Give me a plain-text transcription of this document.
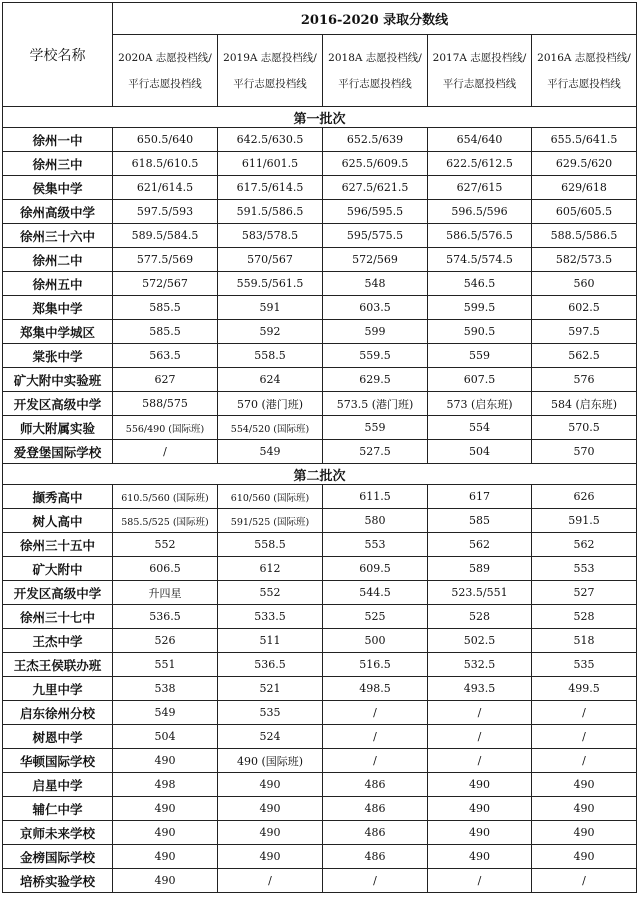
学校名称	2016-2020 录取分数线				
	2020A 志愿投档线/平行志愿投档线	2019A 志愿投档线/平行志愿投档线	2018A 志愿投档线/平行志愿投档线	2017A 志愿投档线/平行志愿投档线	2016A 志愿投档线/平行志愿投档线
第一批次					
徐州一中	650.5/640	642.5/630.5	652.5/639	654/640	655.5/641.5
徐州三中	618.5/610.5	611/601.5	625.5/609.5	622.5/612.5	629.5/620
侯集中学	621/614.5	617.5/614.5	627.5/621.5	627/615	629/618
徐州高级中学	597.5/593	591.5/586.5	596/595.5	596.5/596	605/605.5
徐州三十六中	589.5/584.5	583/578.5	595/575.5	586.5/576.5	588.5/586.5
徐州二中	577.5/569	570/567	572/569	574.5/574.5	582/573.5
徐州五中	572/567	559.5/561.5	548	546.5	560
郑集中学	585.5	591	603.5	599.5	602.5
郑集中学城区	585.5	592	599	590.5	597.5
棠张中学	563.5	558.5	559.5	559	562.5
矿大附中实验班	627	624	629.5	607.5	576
开发区高级中学	588/575	570 (港门班)	573.5 (港门班)	573 (启东班)	584 (启东班)
师大附属实验	556/490 (国际班)	554/520 (国际班)	559	554	570.5
爱登堡国际学校	/	549	527.5	504	570
第二批次					
撷秀高中	610.5/560 (国际班)	610/560 (国际班)	611.5	617	626
树人高中	585.5/525 (国际班)	591/525 (国际班)	580	585	591.5
徐州三十五中	552	558.5	553	562	562
矿大附中	606.5	612	609.5	589	553
开发区高级中学	升四星	552	544.5	523.5/551	527
徐州三十七中	536.5	533.5	525	528	528
王杰中学	526	511	500	502.5	518
王杰王侯联办班	551	536.5	516.5	532.5	535
九里中学	538	521	498.5	493.5	499.5
启东徐州分校	549	535	/	/	/
树恩中学	504	524	/	/	/
华顿国际学校	490	490 (国际班)	/	/	/
启星中学	498	490	486	490	490
辅仁中学	490	490	486	490	490
京师未来学校	490	490	486	490	490
金榜国际学校	490	490	486	490	490
培桥实验学校	490	/	/	/	/
